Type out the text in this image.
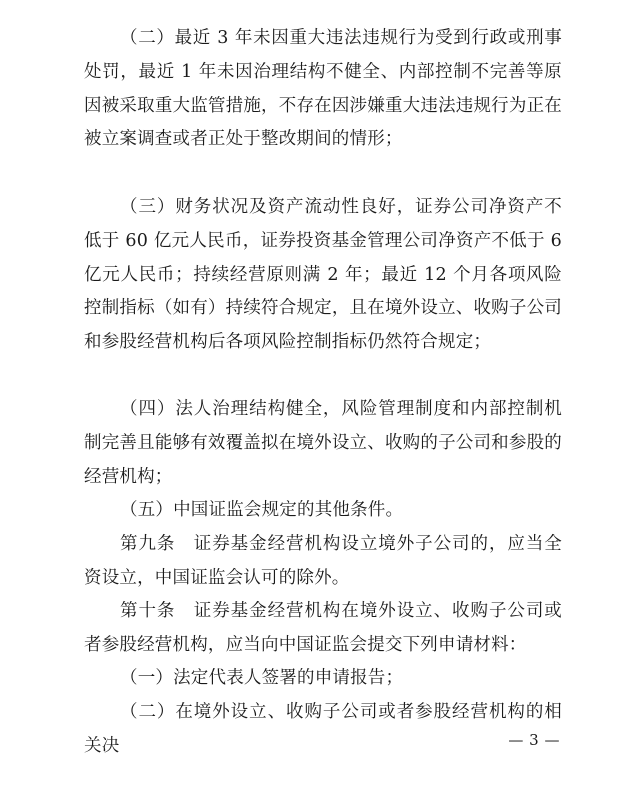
（二）最近 3 年未因重大违法违规行为受到行政或刑事处罚，最近 1 年未因治理结构不健全、内部控制不完善等原因被采取重大监管措施，不存在因涉嫌重大违法违规行为正在被立案调查或者正处于整改期间的情形；

（三）财务状况及资产流动性良好，证券公司净资产不低于 60 亿元人民币，证券投资基金管理公司净资产不低于 6 亿元人民币；持续经营原则满 2 年；最近 12 个月各项风险控制指标（如有）持续符合规定，且在境外设立、收购子公司和参股经营机构后各项风险控制指标仍然符合规定；

（四）法人治理结构健全，风险管理制度和内部控制机制完善且能够有效覆盖拟在境外设立、收购的子公司和参股的经营机构；

（五）中国证监会规定的其他条件。

第九条　证券基金经营机构设立境外子公司的，应当全资设立，中国证监会认可的除外。

第十条　证券基金经营机构在境外设立、收购子公司或者参股经营机构，应当向中国证监会提交下列申请材料：

（一）法定代表人签署的申请报告；

（二）在境外设立、收购子公司或者参股经营机构的相关决	— 3 —
